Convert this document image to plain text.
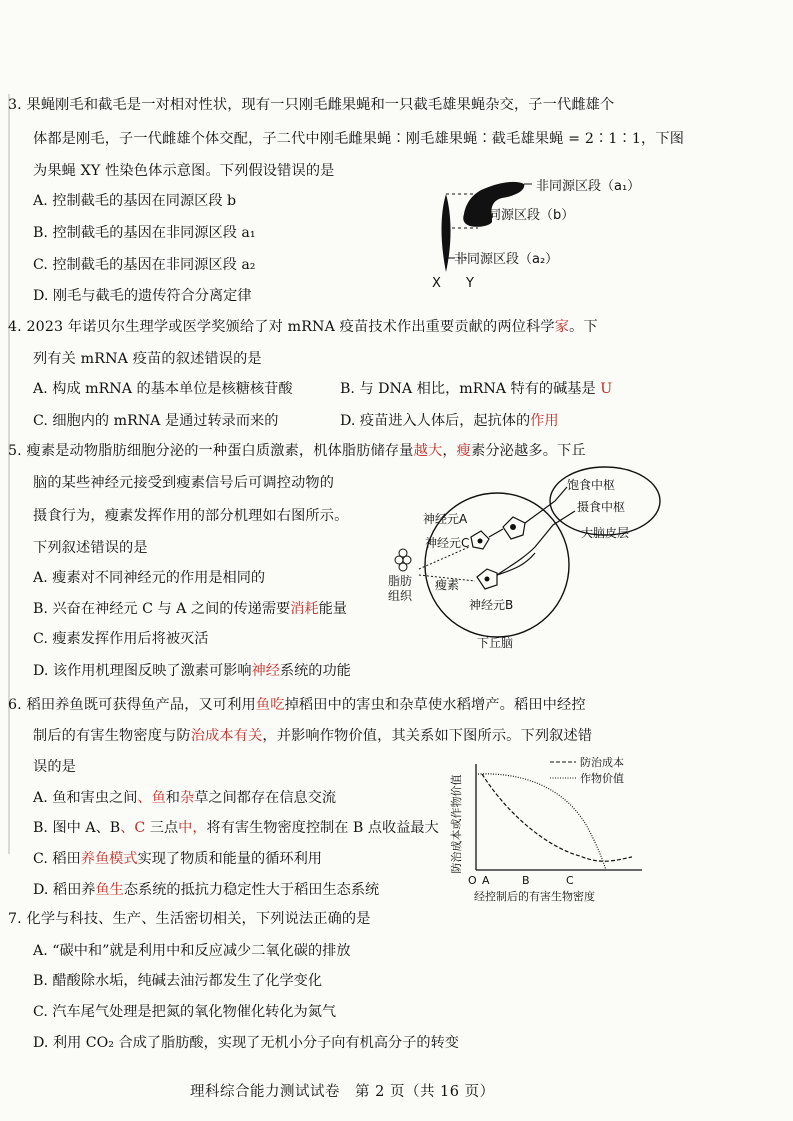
3. 果蝇刚毛和截毛是一对相对性状，现有一只刚毛雌果蝇和一只截毛雄果蝇杂交，子一代雌雄个
体都是刚毛，子一代雌雄个体交配，子二代中刚毛雌果蝇∶刚毛雄果蝇∶截毛雄果蝇 = 2∶1∶1，下图
为果蝇 XY 性染色体示意图。下列假设错误的是
A. 控制截毛的基因在同源区段 b
B. 控制截毛的基因在非同源区段 a₁
C. 控制截毛的基因在非同源区段 a₂
D. 刚毛与截毛的遗传符合分离定律
非同源区段（a₁）
同源区段（b）
非同源区段（a₂）
X Y
4. 2023 年诺贝尔生理学或医学奖颁给了对 mRNA 疫苗技术作出重要贡献的两位科学家。下
列有关 mRNA 疫苗的叙述错误的是
A. 构成 mRNA 的基本单位是核糖核苷酸	B. 与 DNA 相比，mRNA 特有的碱基是 U
C. 细胞内的 mRNA 是通过转录而来的	D. 疫苗进入人体后，起抗体的作用
5. 瘦素是动物脂肪细胞分泌的一种蛋白质激素，机体脂肪储存量越大，瘦素分泌越多。下丘
脑的某些神经元接受到瘦素信号后可调控动物的
摄食行为，瘦素发挥作用的部分机理如右图所示。
下列叙述错误的是
A. 瘦素对不同神经元的作用是相同的
B. 兴奋在神经元 C 与 A 之间的传递需要消耗能量
C. 瘦素发挥作用后将被灭活
D. 该作用机理图反映了激素可影响神经系统的功能
饱食中枢
摄食中枢
大脑皮层
神经元A
神经元C
神经元B
脂肪
组织
瘦素
下丘脑
6. 稻田养鱼既可获得鱼产品，又可利用鱼吃掉稻田中的害虫和杂草使水稻增产。稻田中经控
制后的有害生物密度与防治成本有关，并影响作物价值，其关系如下图所示。下列叙述错
误的是
A. 鱼和害虫之间、鱼和杂草之间都存在信息交流
B. 图中 A、B、C 三点中，将有害生物密度控制在 B 点收益最大
C. 稻田养鱼模式实现了物质和能量的循环利用
D. 稻田养鱼生态系统的抵抗力稳定性大于稻田生态系统
防治成本或作物价值
防治成本
作物价值
O A	B	C
经控制后的有害生物密度
7. 化学与科技、生产、生活密切相关，下列说法正确的是
A. “碳中和”就是利用中和反应减少二氧化碳的排放
B. 醋酸除水垢，纯碱去油污都发生了化学变化
C. 汽车尾气处理是把氮的氧化物催化转化为氮气
D. 利用 CO₂ 合成了脂肪酸，实现了无机小分子向有机高分子的转变
理科综合能力测试试卷　第 2 页（共 16 页）
